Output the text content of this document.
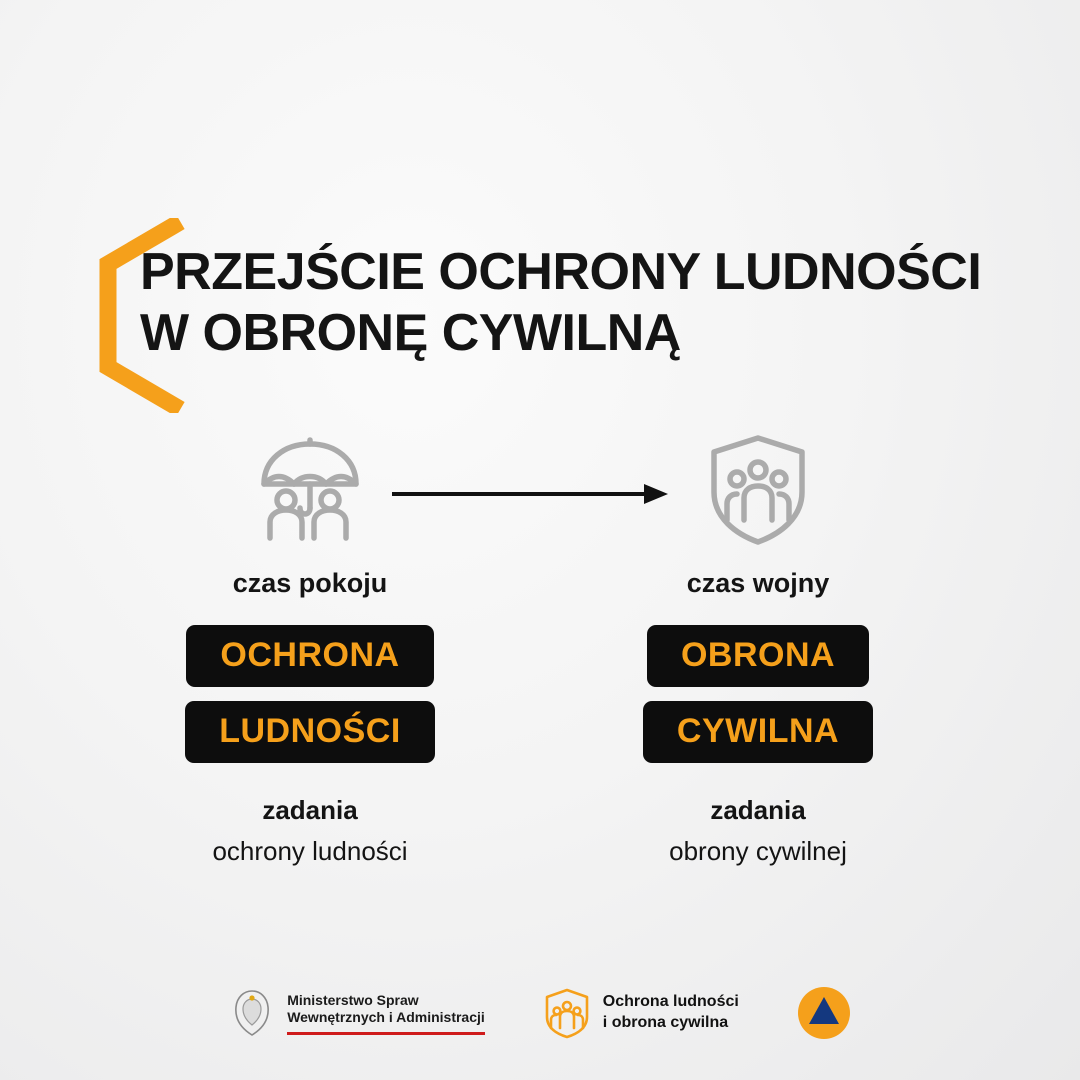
PRZEJŚCIE OCHRONY LUDNOŚCI
W OBRONĘ CYWILNĄ
czas pokoju
OCHRONA
LUDNOŚCI
zadania
ochrony ludności
czas wojny
OBRONA
CYWILNA
zadania
obrony cywilnej
Ministerstwo Spraw
Wewnętrznych i Administracji
Ochrona ludności
i obrona cywilna
